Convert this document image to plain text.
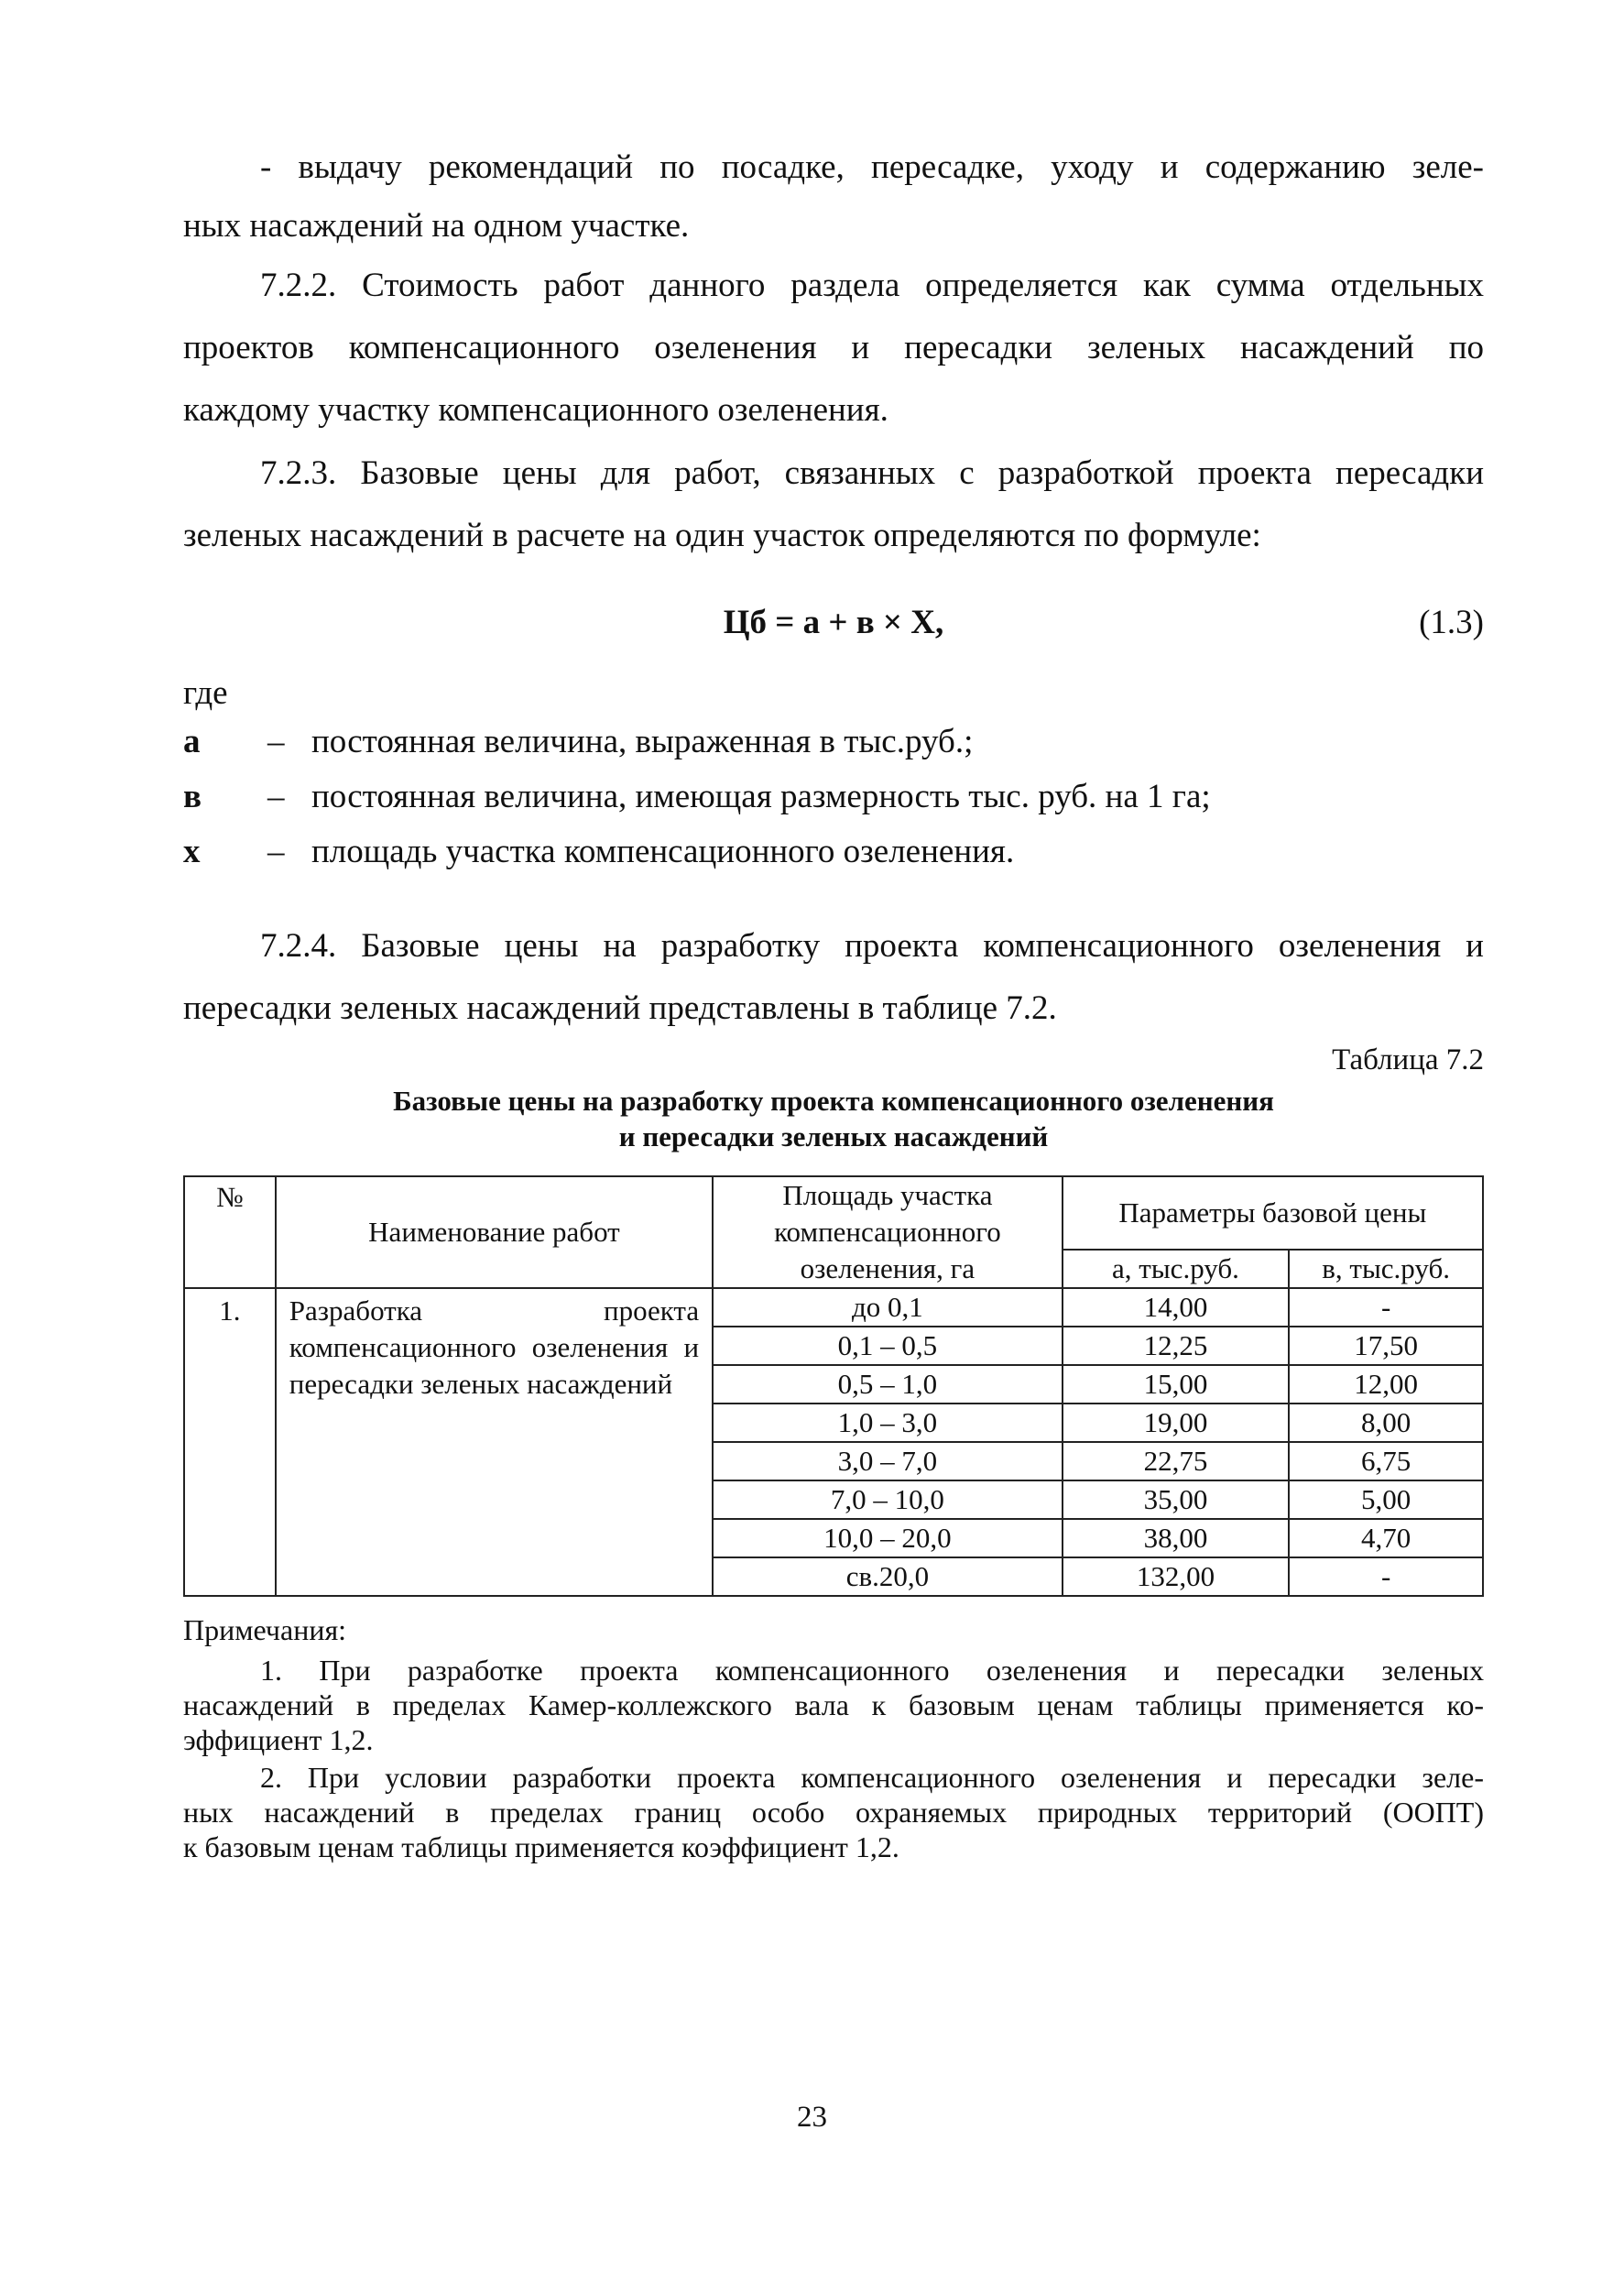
- выдачу рекомендаций по посадке, пересадке, уходу и содержанию зеле-

ных насаждений на одном участке.

7.2.2. Стоимость работ данного раздела определяется как сумма отдельных

проектов компенсационного озеленения и пересадки зеленых насаждений по

каждому участку компенсационного озеленения.

7.2.3. Базовые цены для работ, связанных с разработкой проекта пересадки

зеленых насаждений в расчете на один участок определяются по формуле:

Цб = а + в × X,	(1.3)
где
а – постоянная величина, выраженная в тыс.руб.;
в – постоянная величина, имеющая размерность тыс. руб. на 1 га;
х – площадь участка компенсационного озеленения.

7.2.4. Базовые цены на разработку проекта компенсационного озеленения и

пересадки зеленых насаждений представлены в таблице 7.2.

Таблица 7.2
Базовые цены на разработку проекта компенсационного озеленения
и пересадки зеленых насаждений
№	Наименование работ	Площадь участка компенсационного озеленения, га	Параметры базовой цены	
			а, тыс.руб.	в, тыс.руб.
1.	Разработка проекта компенсационного озеленения и пересадки зеленых насаждений	до 0,1	14,00	-
		0,1 – 0,5	12,25	17,50
		0,5 – 1,0	15,00	12,00
		1,0 – 3,0	19,00	8,00
		3,0 – 7,0	22,75	6,75
		7,0 – 10,0	35,00	5,00
		10,0 – 20,0	38,00	4,70
		св.20,0	132,00	-
Примечания:

1. При разработке проекта компенсационного озеленения и пересадки зеленых

насаждений в пределах Камер-коллежского вала к базовым ценам таблицы применяется ко-

эффициент 1,2.

2. При условии разработки проекта компенсационного озеленения и пересадки зеле-

ных насаждений в пределах границ особо охраняемых природных территорий (ООПТ)

к базовым ценам таблицы применяется коэффициент 1,2.

23
